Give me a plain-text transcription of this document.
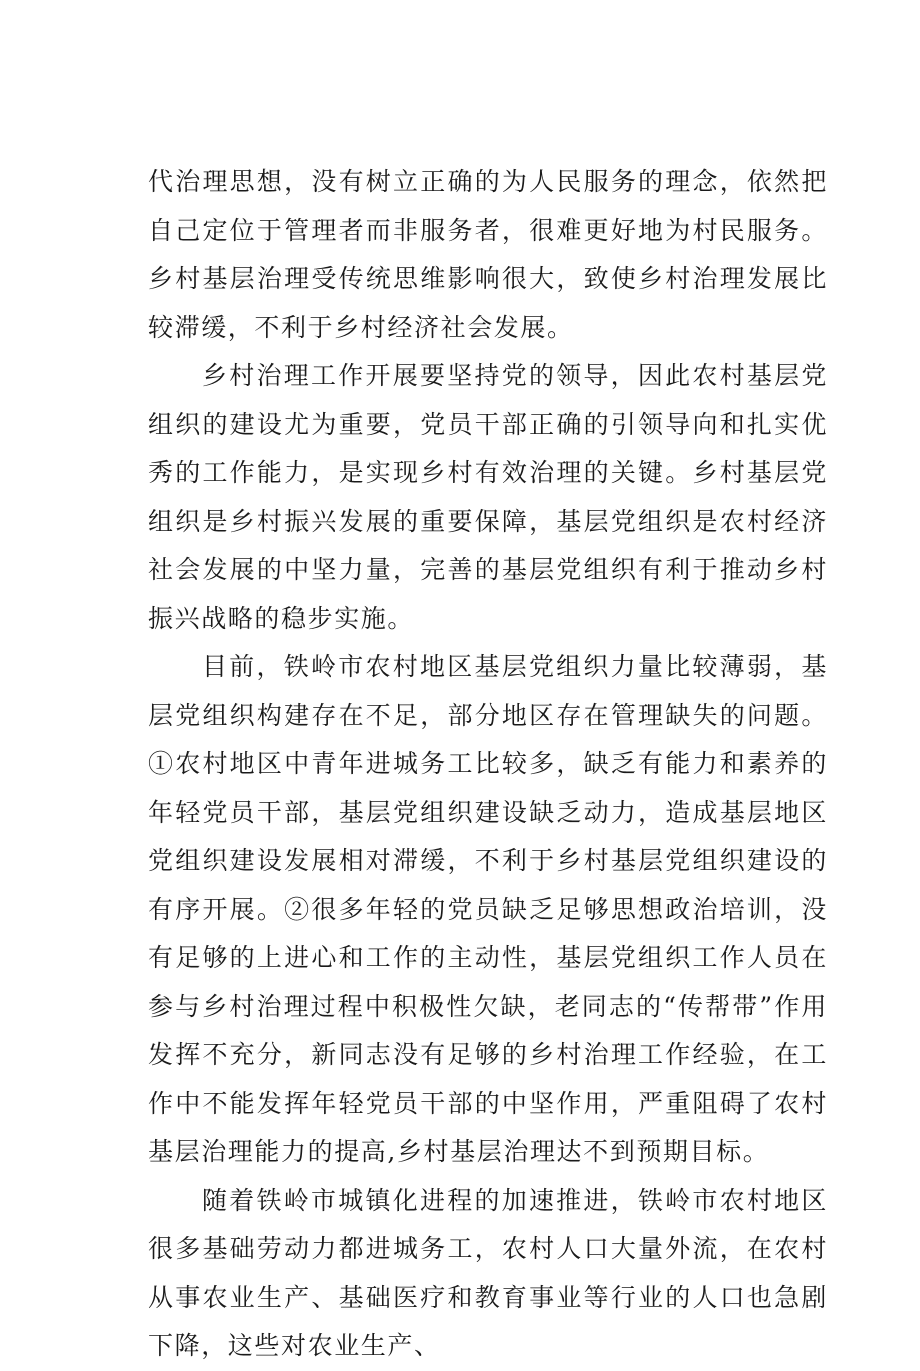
代治理思想，没有树立正确的为人民服务的理念，依然把自己定位于管理者而非服务者，很难更好地为村民服务。乡村基层治理受传统思维影响很大，致使乡村治理发展比较滞缓，不利于乡村经济社会发展。

乡村治理工作开展要坚持党的领导，因此农村基层党组织的建设尤为重要，党员干部正确的引领导向和扎实优秀的工作能力，是实现乡村有效治理的关键。乡村基层党组织是乡村振兴发展的重要保障，基层党组织是农村经济社会发展的中坚力量，完善的基层党组织有利于推动乡村振兴战略的稳步实施。

目前，铁岭市农村地区基层党组织力量比较薄弱，基层党组织构建存在不足，部分地区存在管理缺失的问题。①农村地区中青年进城务工比较多，缺乏有能力和素养的年轻党员干部，基层党组织建设缺乏动力，造成基层地区党组织建设发展相对滞缓，不利于乡村基层党组织建设的有序开展。②很多年轻的党员缺乏足够思想政治培训，没有足够的上进心和工作的主动性，基层党组织工作人员在参与乡村治理过程中积极性欠缺，老同志的“传帮带”作用发挥不充分，新同志没有足够的乡村治理工作经验，在工作中不能发挥年轻党员干部的中坚作用，严重阻碍了农村基层治理能力的提高,乡村基层治理达不到预期目标。

随着铁岭市城镇化进程的加速推进，铁岭市农村地区很多基础劳动力都进城务工，农村人口大量外流，在农村从事农业生产、基础医疗和教育事业等行业的人口也急剧下降，这些对农业生产、
